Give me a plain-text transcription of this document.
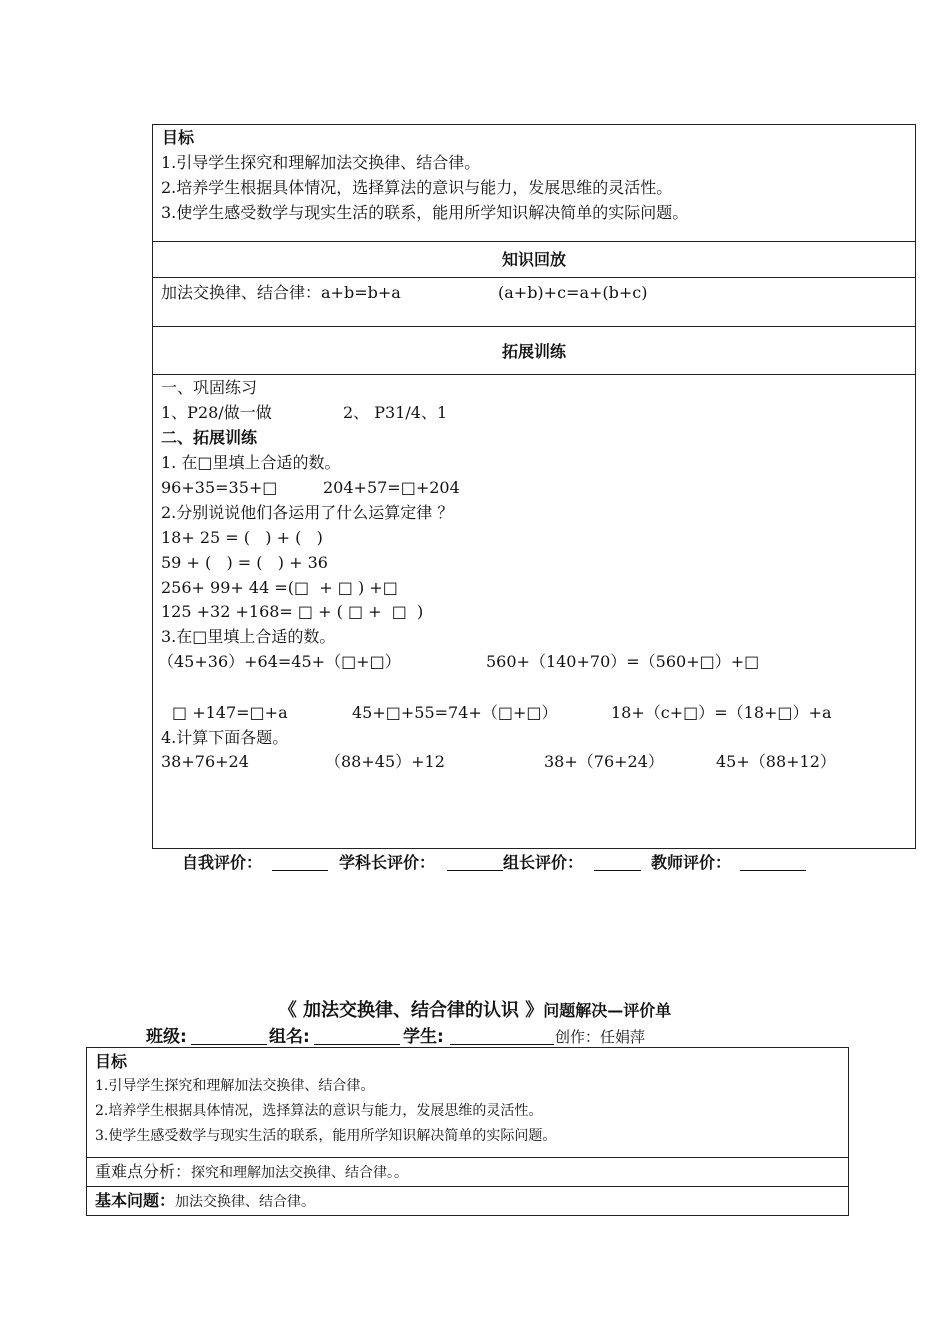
目标
1.引导学生探究和理解加法交换律、结合律。
2.培养学生根据具体情况，选择算法的意识与能力，发展思维的灵活性。
3.使学生感受数学与现实生活的联系，能用所学知识解决简单的实际问题。
知识回放
加法交换律、结合律：a+b=b+a	(a+b)+c=a+(b+c)
拓展训练
一、巩固练习
1、P28/做一做	2、 P31/4、1
二、拓展训练
1. 在□里填上合适的数。
96+35=35+□	204+57=□+204
2.分别说说他们各运用了什么运算定律 ？
18+ 25 = (   ) + (   )
59 + (   ) = (   ) + 36
256+ 99+ 44 =(□  + □ ) +□
125 +32 +168= □ + ( □ +  □  )
3.在□里填上合适的数。
（45+36）+64=45+（□+□）	560+（140+70）=（560+□）+□
□ +147=□+a	45+□+55=74+（□+□）	18+（c+□）=（18+□）+a
4.计算下面各题。
38+76+24	（88+45）+12	38+（76+24）	45+（88+12）
自我评价：	学科长评价：	组长评价：	教师评价：
《 加法交换律、结合律的认识 》问题解决—评价单
班级:	组名:	学生:	创作：任娟萍
目标
1.引导学生探究和理解加法交换律、结合律。
2.培养学生根据具体情况，选择算法的意识与能力，发展思维的灵活性。
3.使学生感受数学与现实生活的联系，能用所学知识解决简单的实际问题。
重难点分析：探究和理解加法交换律、结合律。。
基本问题：加法交换律、结合律。
